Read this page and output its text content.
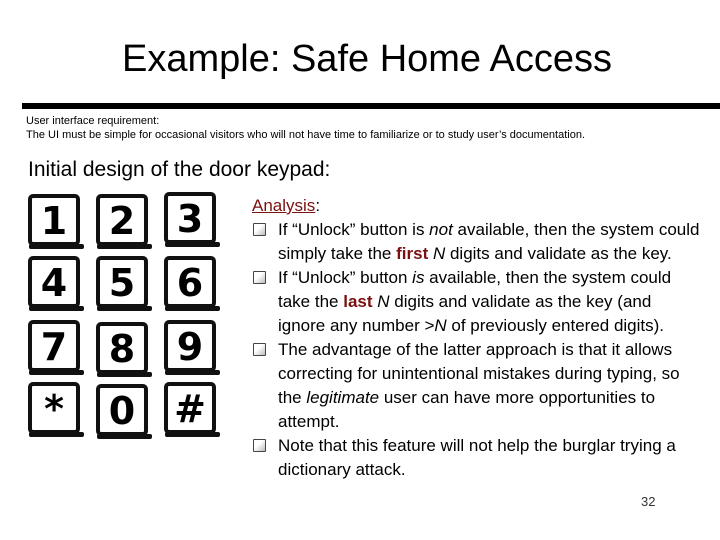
Example: Safe Home Access
User interface requirement:
The UI must be simple for occasional visitors who will not have time to familiarize or to study user’s documentation.
Initial design of the door keypad:
1 2 3
4 5 6
7 8 9
*	0 #
Analysis:
If “Unlock” button is not available, then the system could simply take the first N digits and validate as the key.
If “Unlock” button is available, then the system could take the last N digits and validate as the key (and ignore any number >N of previously entered digits).
The advantage of the latter approach is that it allows correcting for unintentional mistakes during typing, so the legitimate user can have more opportunities to attempt.
Note that this feature will not help the burglar trying a dictionary attack.
32
